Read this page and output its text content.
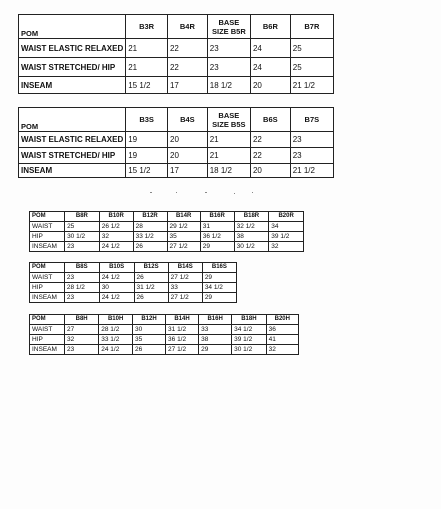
POM	B3R	B4R	BASE SIZE B5R	B6R	B7R
WAIST ELASTIC RELAXED	21	22	23	24	25
WAIST STRETCHED/ HIP	21	22	23	24	25
INSEAM	15 1/2	17	18 1/2	20	21 1/2
POM	B3S	B4S	BASE SIZE B5S	B6S	B7S
WAIST ELASTIC RELAXED	19	20	21	22	23
WAIST STRETCHED/ HIP	19	20	21	22	23
INSEAM	15 1/2	17	18 1/2	20	21 1/2
POM	B8R	B10R	B12R	B14R	B16R	B18R	B20R
WAIST	25	26 1/2	28	29 1/2	31	32 1/2	34
HIP	30 1/2	32	33 1/2	35	36 1/2	38	39 1/2
INSEAM	23	24 1/2	26	27 1/2	29	30 1/2	32
POM	B8S	B10S	B12S	B14S	B16S
WAIST	23	24 1/2	26	27 1/2	29
HIP	28 1/2	30	31 1/2	33	34 1/2
INSEAM	23	24 1/2	26	27 1/2	29
POM	B8H	B10H	B12H	B14H	B16H	B18H	B20H
WAIST	27	28 1/2	30	31 1/2	33	34 1/2	36
HIP	32	33 1/2	35	36 1/2	38	39 1/2	41
INSEAM	23	24 1/2	26	27 1/2	29	30 1/2	32
